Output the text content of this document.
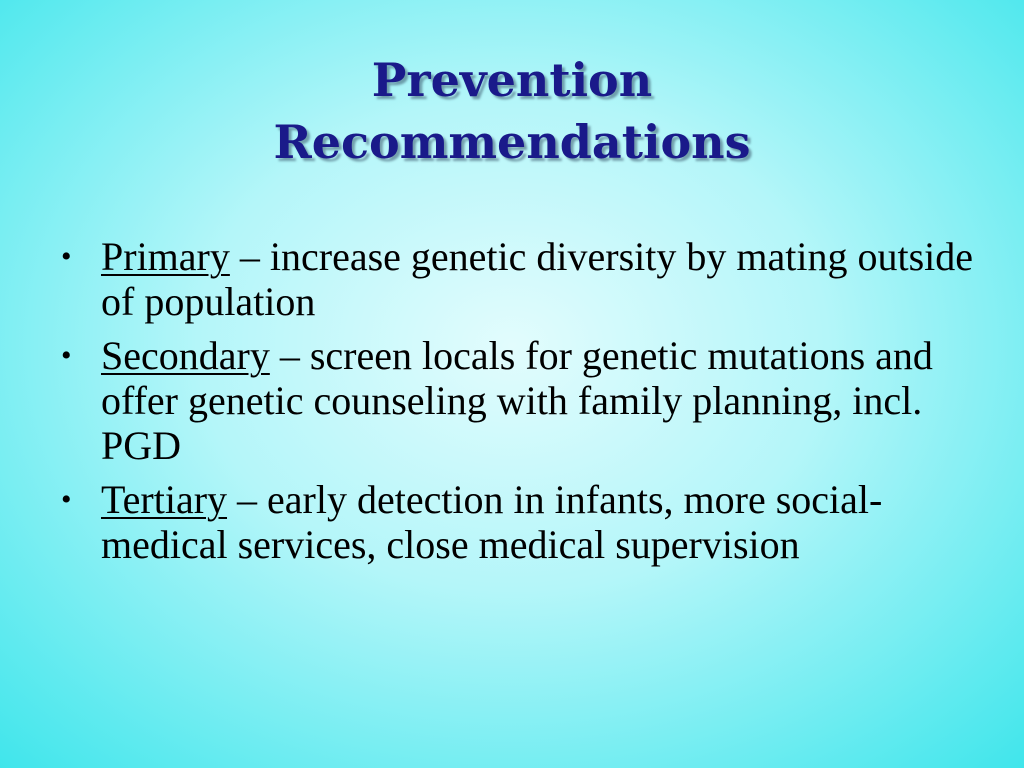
Prevention
Recommendations
• Primary – increase genetic diversity by mating outside of population
• Secondary – screen locals for genetic mutations and offer genetic counseling with family planning, incl. PGD
• Tertiary – early detection in infants, more social-medical services, close medical supervision
